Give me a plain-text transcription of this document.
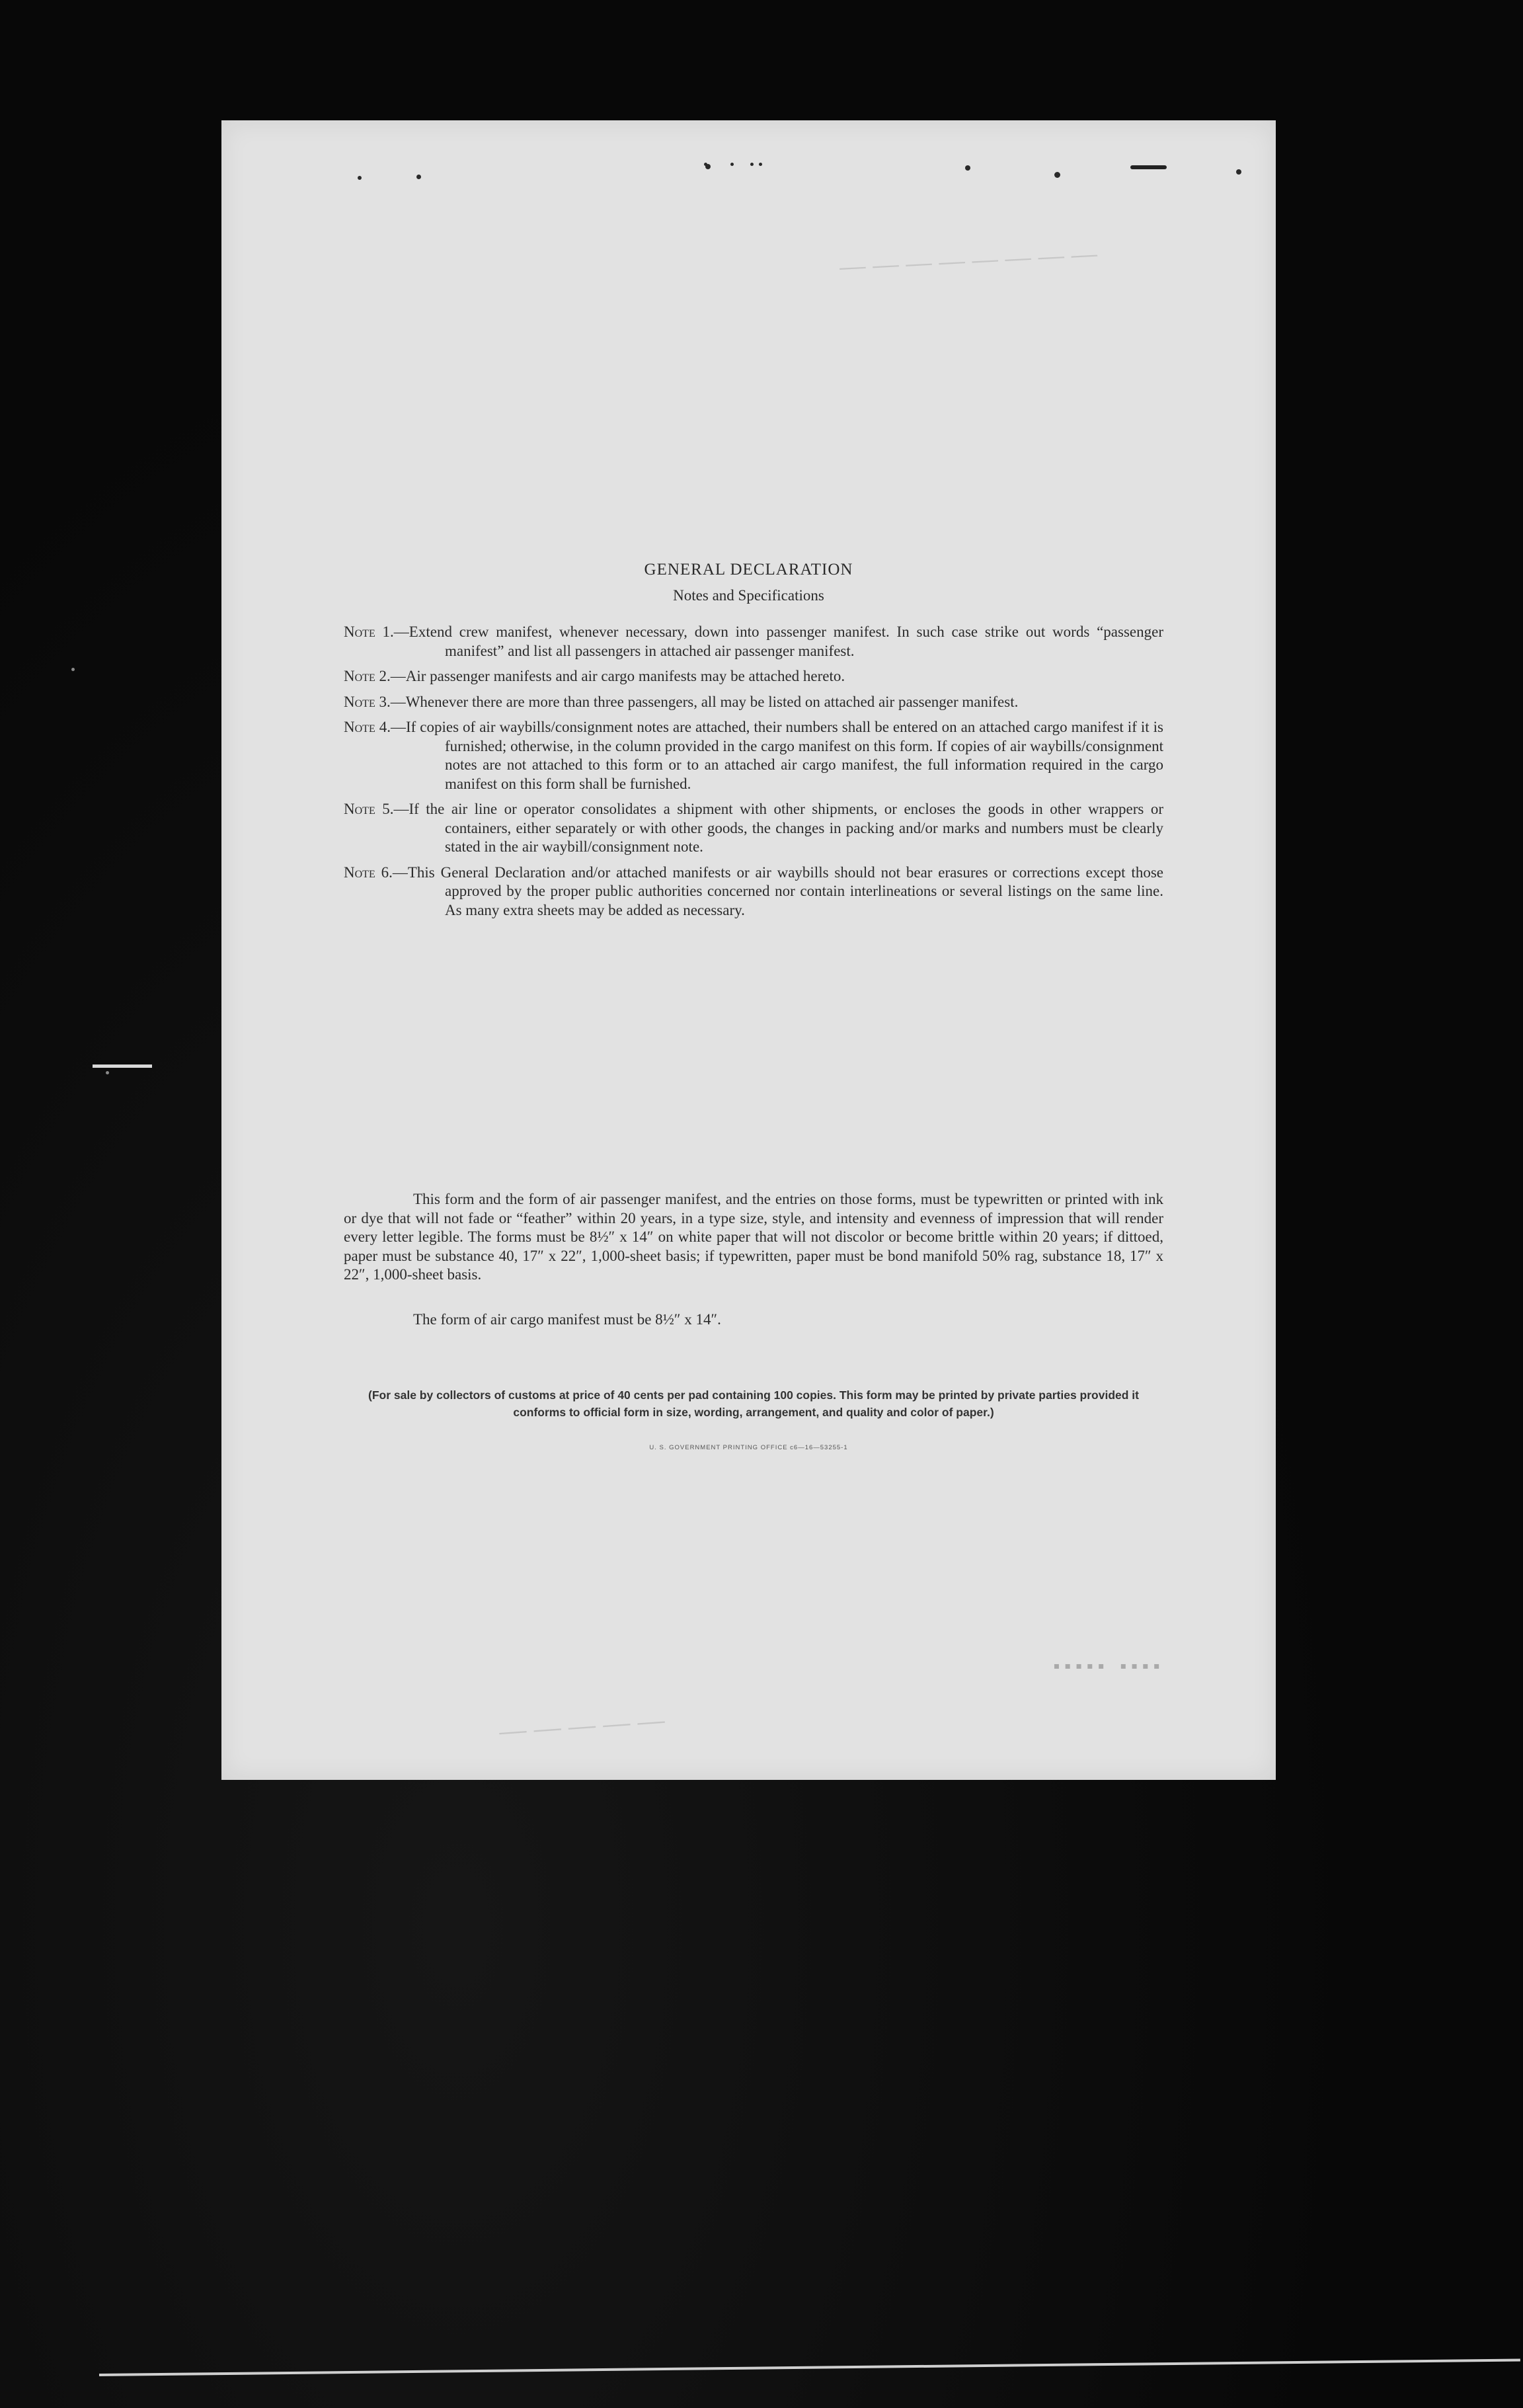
— — — — — — — —
— — — — —
▪▪▪▪▪ ▪▪▪▪
GENERAL DECLARATION
Notes and Specifications

Note 1.—Extend crew manifest, whenever necessary, down into passenger manifest. In such case strike out words “passenger manifest” and list all passengers in attached air passenger manifest.

Note 2.—Air passenger manifests and air cargo manifests may be attached hereto.

Note 3.—Whenever there are more than three passengers, all may be listed on attached air passenger manifest.

Note 4.—If copies of air waybills/consignment notes are attached, their numbers shall be entered on an attached cargo manifest if it is furnished; otherwise, in the column provided in the cargo manifest on this form. If copies of air waybills/consignment notes are not attached to this form or to an attached air cargo manifest, the full information required in the cargo manifest on this form shall be furnished.

Note 5.—If the air line or operator consolidates a shipment with other shipments, or encloses the goods in other wrappers or containers, either separately or with other goods, the changes in packing and/or marks and numbers must be clearly stated in the air waybill/consignment note.

Note 6.—This General Declaration and/or attached manifests or air waybills should not bear erasures or corrections except those approved by the proper public authorities concerned nor contain interlineations or several listings on the same line. As many extra sheets may be added as necessary.

This form and the form of air passenger manifest, and the entries on those forms, must be typewritten or printed with ink or dye that will not fade or “feather” within 20 years, in a type size, style, and intensity and evenness of impression that will render every letter legible. The forms must be 8½″ x 14″ on white paper that will not discolor or become brittle within 20 years; if dittoed, paper must be substance 40, 17″ x 22″, 1,000-sheet basis; if typewritten, paper must be bond manifold 50% rag, substance 18, 17″ x 22″, 1,000-sheet basis.
The form of air cargo manifest must be 8½″ x 14″.
(For sale by collectors of customs at price of 40 cents per pad containing 100 copies. This form may be printed by private parties provided it conforms to official form in size, wording, arrangement, and quality and color of paper.)
U. S. GOVERNMENT PRINTING OFFICE c6—16—53255-1
